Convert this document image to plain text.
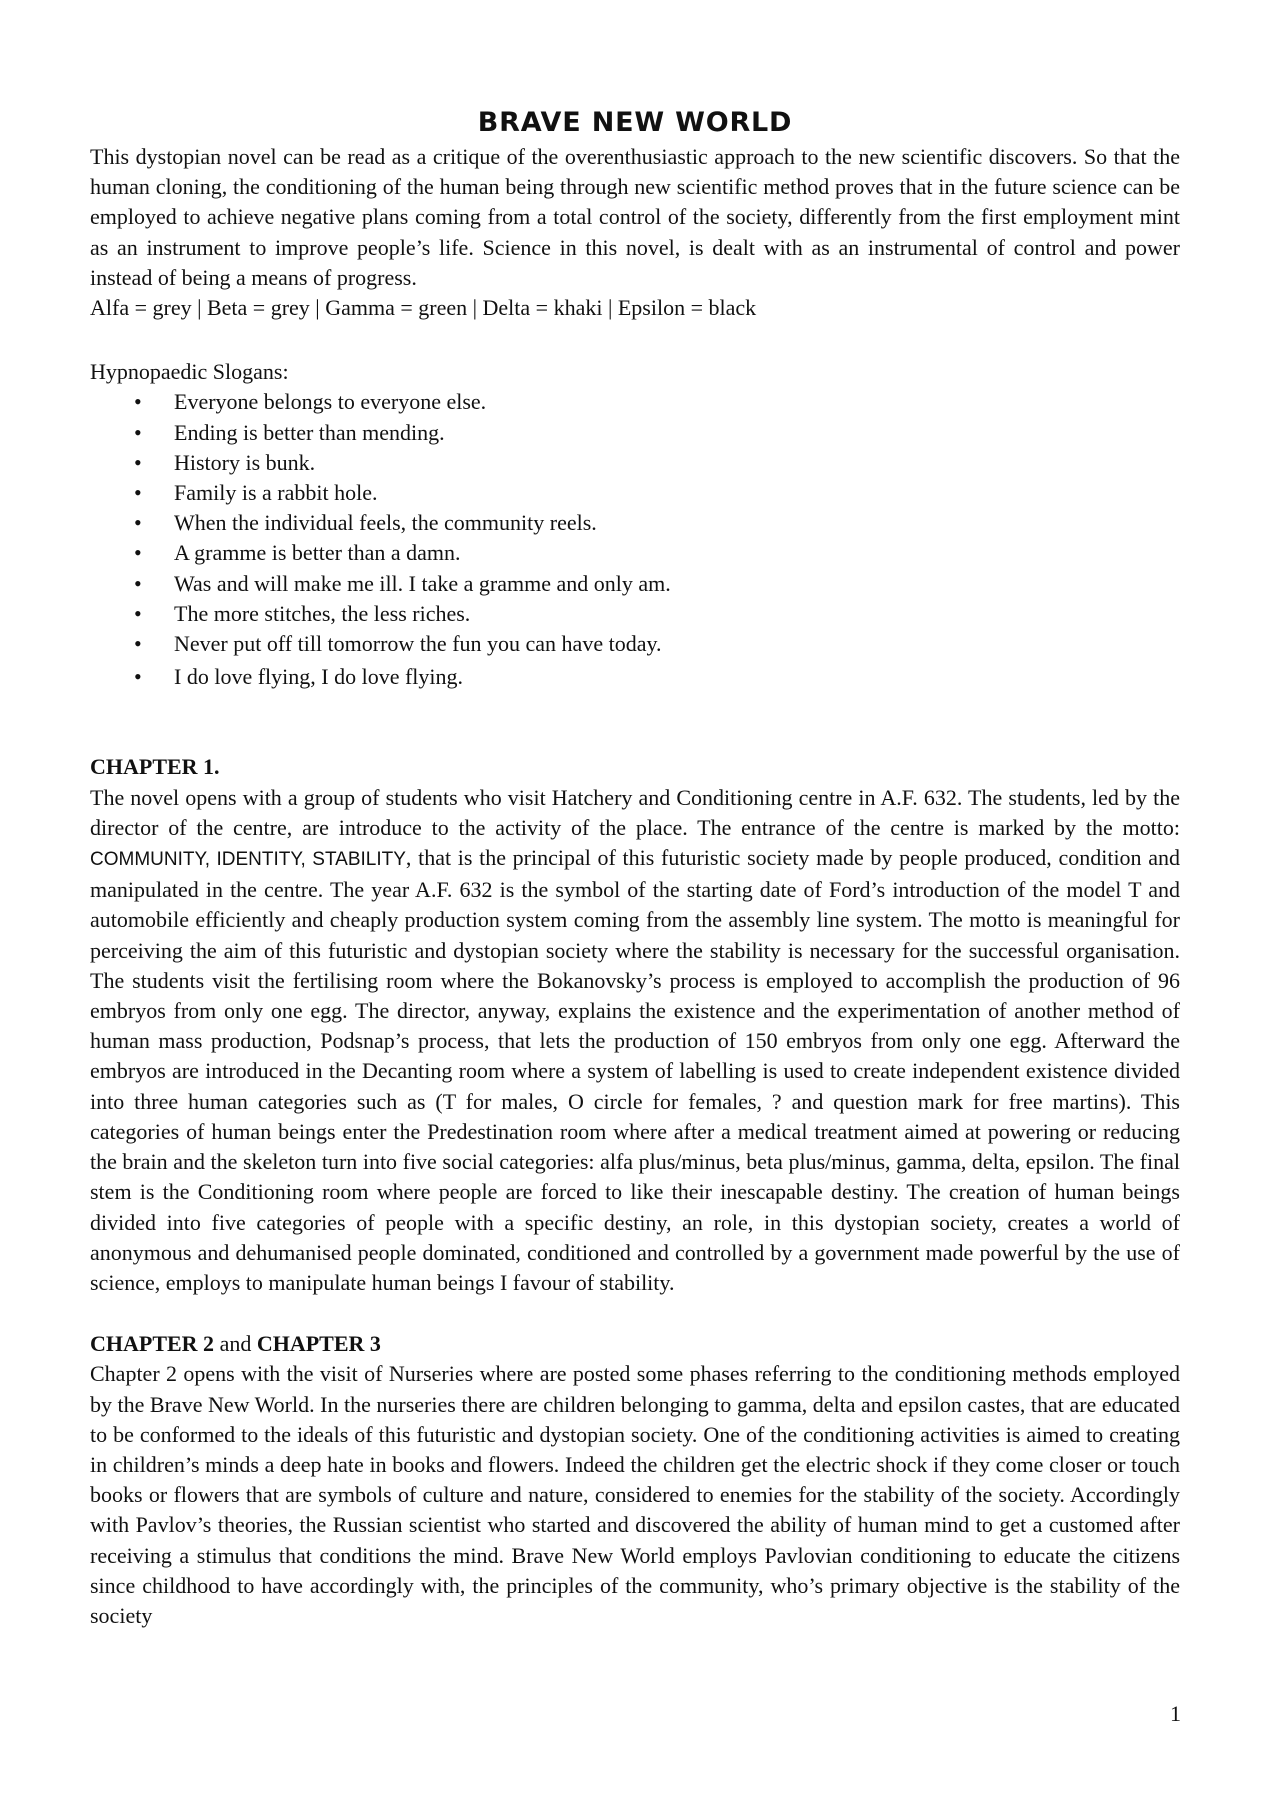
BRAVE NEW WORLD

This dystopian novel can be read as a critique of the overenthusiastic approach to the new scientific discovers. So that the human cloning, the conditioning of the human being through new scientific method proves that in the future science can be employed to achieve negative plans coming from a total control of the society, differently from the first employment mint as an instrument to improve people’s life. Science in this novel, is dealt with as an instrumental of control and power instead of being a means of progress.

Alfa = grey | Beta = grey | Gamma = green | Delta = khaki | Epsilon = black

Hypnopaedic Slogans:

• Everyone belongs to everyone else.
• Ending is better than mending.
• History is bunk.
• Family is a rabbit hole.
• When the individual feels, the community reels.
• A gramme is better than a damn.
• Was and will make me ill. I take a gramme and only am.
• The more stitches, the less riches.
• Never put off till tomorrow the fun you can have today.
• I do love flying, I do love flying.

CHAPTER 1.

The novel opens with a group of students who visit Hatchery and Conditioning centre in A.F. 632. The students, led by the director of the centre, are introduce to the activity of the place. The entrance of the centre is marked by the motto: COMMUNITY, IDENTITY, STABILITY, that is the principal of this futuristic society made by people produced, condition and manipulated in the centre. The year A.F. 632 is the symbol of the starting date of Ford’s introduction of the model T and automobile efficiently and cheaply production system coming from the assembly line system. The motto is meaningful for perceiving the aim of this futuristic and dystopian society where the stability is necessary for the successful organisation. The students visit the fertilising room where the Bokanovsky’s process is employed to accomplish the production of 96 embryos from only one egg. The director, anyway, explains the existence and the experimentation of another method of human mass production, Podsnap’s process, that lets the production of 150 embryos from only one egg. Afterward the embryos are introduced in the Decanting room where a system of labelling is used to create independent existence divided into three human categories such as (T for males, O circle for females, ? and question mark for free martins). This categories of human beings enter the Predestination room where after a medical treatment aimed at powering or reducing the brain and the skeleton turn into five social categories: alfa plus/minus, beta plus/minus, gamma, delta, epsilon. The final stem is the Conditioning room where people are forced to like their inescapable destiny. The creation of human beings divided into five categories of people with a specific destiny, an role, in this dystopian society, creates a world of anonymous and dehumanised people dominated, conditioned and controlled by a government made powerful by the use of science, employs to manipulate human beings I favour of stability.

CHAPTER 2 and CHAPTER 3

Chapter 2 opens with the visit of Nurseries where are posted some phases referring to the conditioning methods employed by the Brave New World. In the nurseries there are children belonging to gamma, delta and epsilon castes, that are educated to be conformed to the ideals of this futuristic and dystopian society. One of the conditioning activities is aimed to creating in children’s minds a deep hate in books and flowers. Indeed the children get the electric shock if they come closer or touch books or flowers that are symbols of culture and nature, considered to enemies for the stability of the society. Accordingly with Pavlov’s theories, the Russian scientist who started and discovered the ability of human mind to get a customed after receiving a stimulus that conditions the mind. Brave New World employs Pavlovian conditioning to educate the citizens since childhood to have accordingly with, the principles of the community, who’s primary objective is the stability of the society

1
